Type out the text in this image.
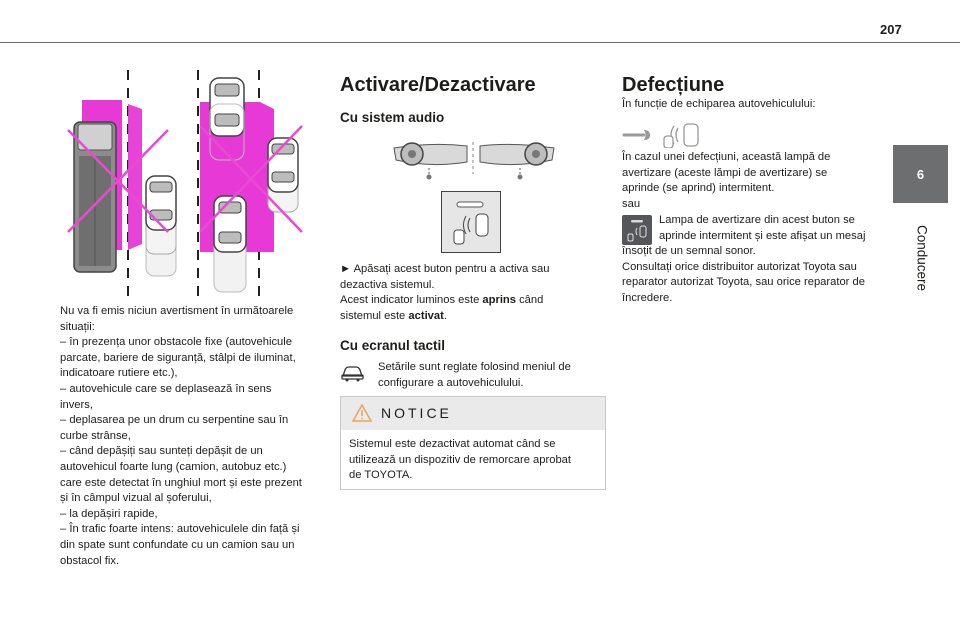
207
6
Conducere
Nu va fi emis niciun avertisment în următoarele
situații:
– în prezența unor obstacole fixe (autovehicule
parcate, bariere de siguranță, stâlpi de iluminat,
indicatoare rutiere etc.),
– autovehicule care se deplasează în sens
invers,
– deplasarea pe un drum cu serpentine sau în
curbe strânse,
– când depășiți sau sunteți depășit de un
autovehicul foarte lung (camion, autobuz etc.)
care este detectat în unghiul mort și este prezent
și în câmpul vizual al șoferului,
– la depășiri rapide,
– În trafic foarte intens: autovehiculele din față și
din spate sunt confundate cu un camion sau un
obstacol fix.
Activare/Dezactivare
Cu sistem audio
► Apăsați acest buton pentru a activa sau
dezactiva sistemul.
Acest indicator luminos este aprins când
sistemul este activat.
Cu ecranul tactil
Setările sunt reglate folosind meniul de
configurare a autovehiculului.
NOTICE
Sistemul este dezactivat automat când se
utilizează un dispozitiv de remorcare aprobat
de TOYOTA.
Defecțiune
În funcție de echiparea autovehiculului:
În cazul unei defecțiuni, această lampă de
avertizare (aceste lămpi de avertizare) se
aprinde (se aprind) intermitent.
sau
Lampa de avertizare din acest buton se
aprinde intermitent și este afișat un mesaj
însoțit de un semnal sonor.
Consultați orice distribuitor autorizat Toyota sau
reparator autorizat Toyota, sau orice reparator de
încredere.
